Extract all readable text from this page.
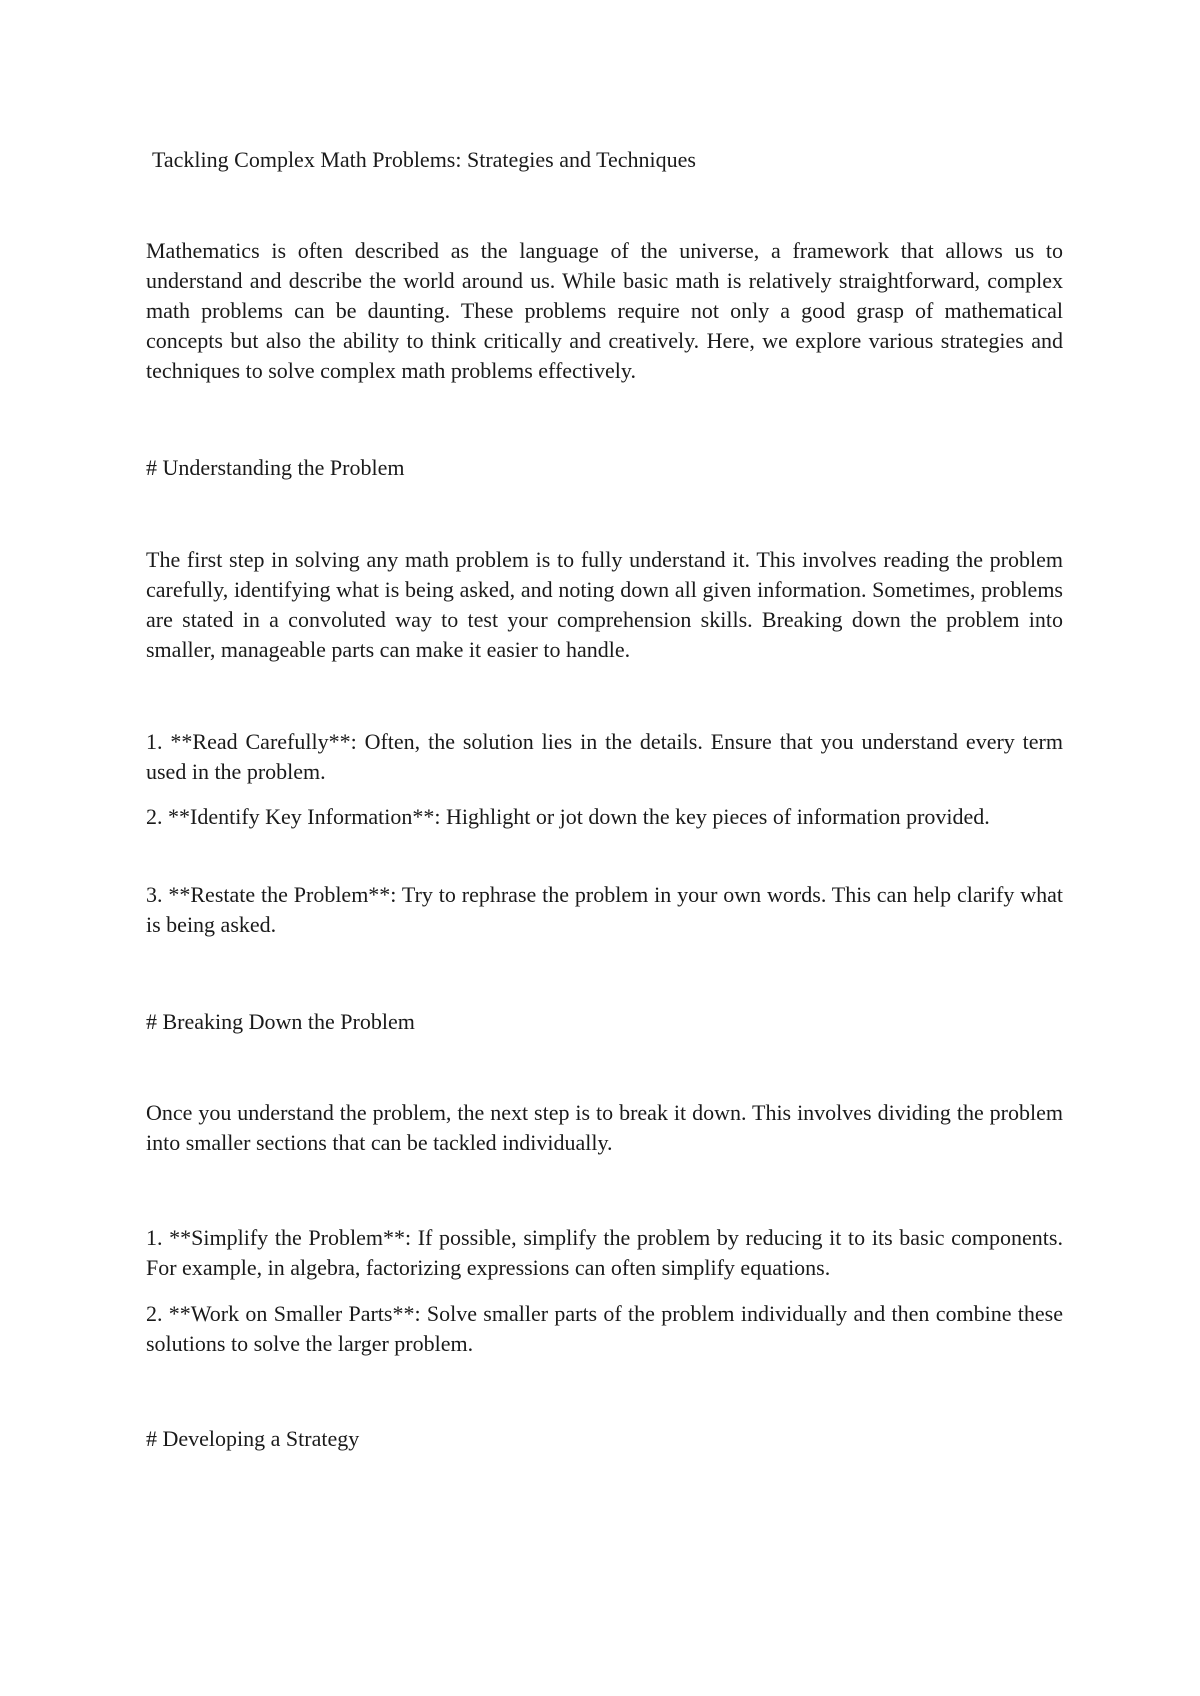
Tackling Complex Math Problems: Strategies and Techniques

Mathematics is often described as the language of the universe, a framework that allows us to understand and describe the world around us. While basic math is relatively straightforward, complex math problems can be daunting. These problems require not only a good grasp of mathematical concepts but also the ability to think critically and creatively. Here, we explore various strategies and techniques to solve complex math problems effectively.

# Understanding the Problem

The first step in solving any math problem is to fully understand it. This involves reading the problem carefully, identifying what is being asked, and noting down all given information. Sometimes, problems are stated in a convoluted way to test your comprehension skills. Breaking down the problem into smaller, manageable parts can make it easier to handle.

1. **Read Carefully**: Often, the solution lies in the details. Ensure that you understand every term used in the problem.

2. **Identify Key Information**: Highlight or jot down the key pieces of information provided.

3. **Restate the Problem**: Try to rephrase the problem in your own words. This can help clarify what is being asked.

# Breaking Down the Problem

Once you understand the problem, the next step is to break it down. This involves dividing the problem into smaller sections that can be tackled individually.

1. **Simplify the Problem**: If possible, simplify the problem by reducing it to its basic components. For example, in algebra, factorizing expressions can often simplify equations.

2. **Work on Smaller Parts**: Solve smaller parts of the problem individually and then combine these solutions to solve the larger problem.

# Developing a Strategy
